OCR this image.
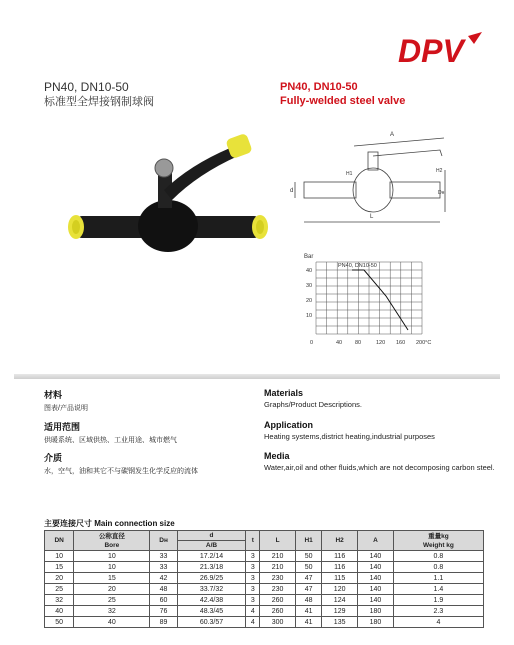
DPV
PN40, DN10-50
标准型全焊接钢制球阀
PN40, DN10-50
Fully-welded steel valve
A
d
H1	H2
Dн
L
Bar
PN40, DN10-50
40
30
20
10
0	40 80	120 160 200°C
材料
图表/产品说明
适用范围
供暖系统、区域供热、工业用途、城市燃气
介质
水，空气，油和其它不与碳钢发生化学反应的流体
Materials
Graphs/Product Descriptions.
Application
Heating systems,district heating,industrial purposes
Media
Water,air,oil and other fluids,which are not decomposing carbon steel.
主要连接尺寸 Main connection size
DN	公称直径
Bore	Dн	d	t	L	H1	H2	A	重量kg
Weight kg
			A/B						
10	10	33	17.2/14	3	210	50	116	140	0.8
15	10	33	21.3/18	3	210	50	116	140	0.8
20	15	42	26.9/25	3	230	47	115	140	1.1
25	20	48	33.7/32	3	230	47	120	140	1.4
32	25	60	42.4/38	3	260	48	124	140	1.9
40	32	76	48.3/45	4	260	41	129	180	2.3
50	40	89	60.3/57	4	300	41	135	180	4
